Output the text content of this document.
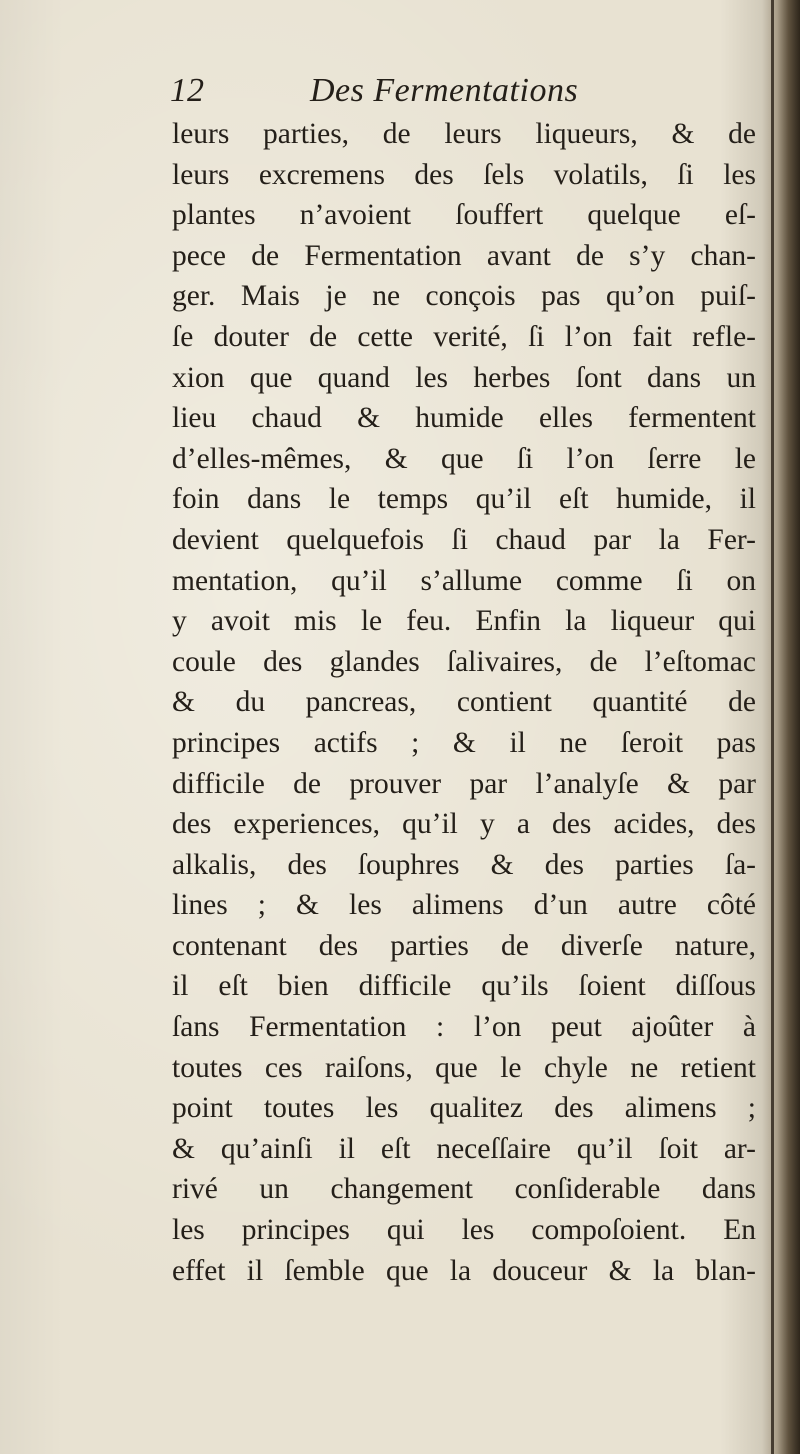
12	Des Fermentations
leurs parties, de leurs liqueurs, & de
leurs excremens des ſels volatils, ſi les
plantes n’avoient ſouffert quelque eſ-
pece de Fermentation avant de s’y chan-
ger. Mais je ne conçois pas qu’on puiſ-
ſe douter de cette verité, ſi l’on fait refle-
xion que quand les herbes ſont dans un
lieu chaud & humide elles fermentent
d’elles-mêmes, & que ſi l’on ſerre le
foin dans le temps qu’il eſt humide, il
devient quelquefois ſi chaud par la Fer-
mentation, qu’il s’allume comme ſi on
y avoit mis le feu. Enfin la liqueur qui
coule des glandes ſalivaires, de l’eſtomac
& du pancreas, contient quantité de
principes actifs ; & il ne ſeroit pas
difficile de prouver par l’analyſe & par
des experiences, qu’il y a des acides, des
alkalis, des ſouphres & des parties ſa-
lines ; & les alimens d’un autre côté
contenant des parties de diverſe nature,
il eſt bien difficile qu’ils ſoient diſſous
ſans Fermentation : l’on peut ajoûter à
toutes ces raiſons, que le chyle ne retient
point toutes les qualitez des alimens ;
& qu’ainſi il eſt neceſſaire qu’il ſoit ar-
rivé un changement conſiderable dans
les principes qui les compoſoient. En
effet il ſemble que la douceur & la blan-
